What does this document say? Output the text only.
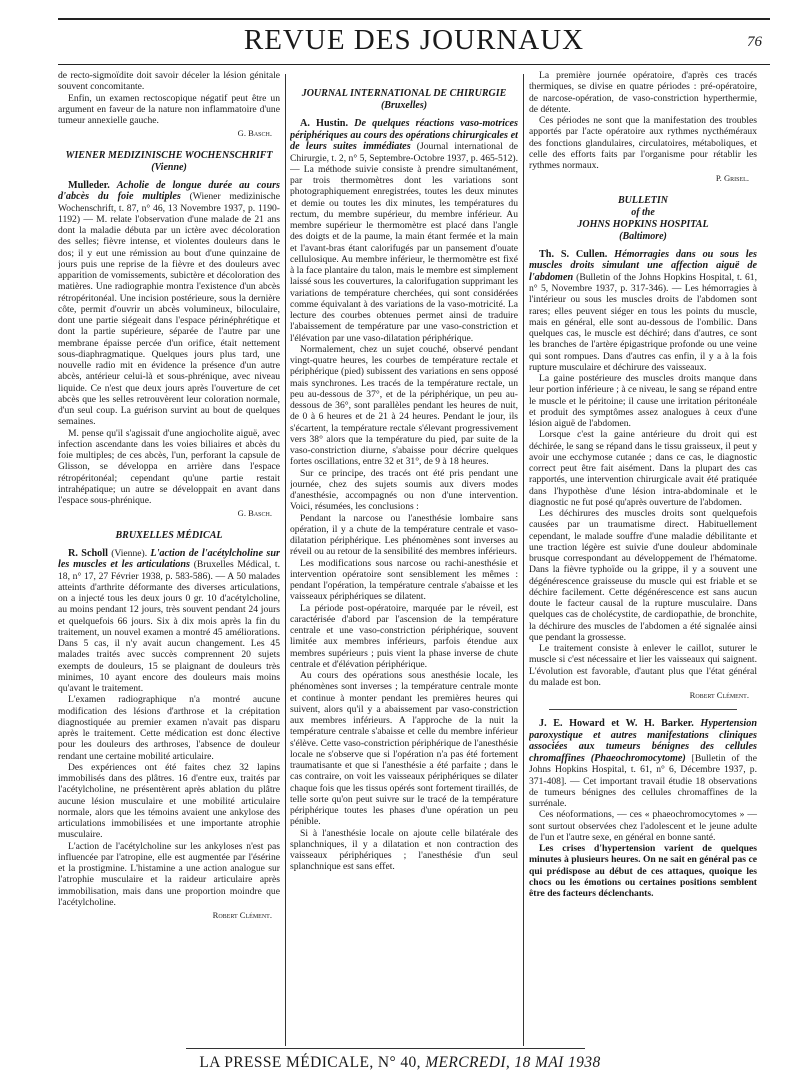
REVUE DES JOURNAUX	76

de recto-sigmoïdite doit savoir déceler la lésion génitale souvent concomitante.

Enfin, un examen rectoscopique négatif peut être un argument en faveur de la nature non inflammatoire d'une tumeur annexielle gauche.

G. Basch.
WIENER MEDIZINISCHE WOCHENSCHRIFT
(Vienne)

Mulleder. Acholie de longue durée au cours d'abcès du foie multiples (Wiener medizinische Wochenschrift, t. 87, n° 46, 13 Novembre 1937, p. 1190-1192) — M. relate l'observation d'une malade de 21 ans dont la maladie débuta par un ictère avec décoloration des selles; fièvre intense, et violentes douleurs dans le dos; il y eut une rémission au bout d'une quinzaine de jours puis une reprise de la fièvre et des douleurs avec apparition de vomissements, subictère et décoloration des matières. Une radiographie montra l'existence d'un abcès rétropéritonéal. Une incision postérieure, sous la dernière côte, permit d'ouvrir un abcès volumineux, biloculaire, dont une partie siégeait dans l'espace périnéphrétique et dont la partie supérieure, séparée de l'autre par une membrane épaisse percée d'un orifice, était nettement sous-diaphragmatique. Quelques jours plus tard, une nouvelle radio mit en évidence la présence d'un autre abcès, antérieur celui-là et sous-phrénique, avec niveau liquide. Ce n'est que deux jours après l'ouverture de cet abcès que les selles retrouvèrent leur coloration normale, d'un seul coup. La guérison survint au bout de quelques semaines.

M. pense qu'il s'agissait d'une angiocholite aiguë, avec infection ascendante dans les voies biliaires et abcès du foie multiples; de ces abcès, l'un, perforant la capsule de Glisson, se développa en arrière dans l'espace rétropéritonéal; cependant qu'une partie restait intrahépatique; un autre se développait en avant dans l'espace sous-phrénique.

G. Basch.
BRUXELLES MÉDICAL

R. Scholl (Vienne). L'action de l'acétylcholine sur les muscles et les articulations (Bruxelles Médical, t. 18, n° 17, 27 Février 1938, p. 583-586). — A 50 malades atteints d'arthrite déformante des diverses articulations, on a injecté tous les deux jours 0 gr. 10 d'acétylcholine, au moins pendant 12 jours, très souvent pendant 24 jours et quelquefois 66 jours. Six à dix mois après la fin du traitement, un nouvel examen a montré 45 améliorations. Dans 5 cas, il n'y avait aucun changement. Les 45 malades traités avec succès comprennent 20 sujets exempts de douleurs, 15 se plaignant de douleurs très minimes, 10 ayant encore des douleurs mais moins qu'avant le traitement.

L'examen radiographique n'a montré aucune modification des lésions d'arthrose et la crépitation diagnostiquée au premier examen n'avait pas disparu après le traitement. Cette médication est donc élective pour les douleurs des arthroses, l'absence de douleur rendant une certaine mobilité articulaire.

Des expériences ont été faites chez 32 lapins immobilisés dans des plâtres. 16 d'entre eux, traités par l'acétylcholine, ne présentèrent après ablation du plâtre aucune lésion musculaire et une mobilité articulaire normale, alors que les témoins avaient une ankylose des articulations immobilisées et une importante atrophie musculaire.

L'action de l'acétylcholine sur les ankyloses n'est pas influencée par l'atropine, elle est augmentée par l'ésérine et la prostigmine. L'histamine a une action analogue sur l'atrophie musculaire et la raideur articulaire après immobilisation, mais dans une proportion moindre que l'acétylcholine.

Robert Clément.
JOURNAL INTERNATIONAL DE CHIRURGIE
(Bruxelles)

A. Hustin. De quelques réactions vaso-motrices périphériques au cours des opérations chirurgicales et de leurs suites immédiates (Journal international de Chirurgie, t. 2, n° 5, Septembre-Octobre 1937, p. 465-512). — La méthode suivie consiste à prendre simultanément, par trois thermomètres dont les variations sont photographiquement enregistrées, toutes les deux minutes et demie ou toutes les dix minutes, les températures du rectum, du membre supérieur, du membre inférieur. Au membre supérieur le thermomètre est placé dans l'angle des doigts et de la paume, la main étant fermée et la main et l'avant-bras étant calorifugés par un pansement d'ouate cellulosique. Au membre inférieur, le thermomètre est fixé à la face plantaire du talon, mais le membre est simplement laissé sous les couvertures, la calorifugation supprimant les variations de température cherchées, qui sont considérées comme équivalant à des variations de la vaso-motricité. La lecture des courbes obtenues permet ainsi de traduire l'abaissement de température par une vaso-constriction et l'élévation par une vaso-dilatation périphérique.

Normalement, chez un sujet couché, observé pendant vingt-quatre heures, les courbes de température rectale et périphérique (pied) subissent des variations en sens opposé mais synchrones. Les tracés de la température rectale, un peu au-dessous de 37°, et de la périphérique, un peu au-dessous de 36°, sont parallèles pendant les heures de nuit, de 0 à 6 heures et de 21 à 24 heures. Pendant le jour, ils s'écartent, la température rectale s'élevant progressivement vers 38° alors que la température du pied, par suite de la vaso-constriction diurne, s'abaisse pour décrire quelques fortes oscillations, entre 32 et 31°, de 9 à 18 heures.

Sur ce principe, des tracés ont été pris pendant une journée, chez des sujets soumis aux divers modes d'anesthésie, accompagnés ou non d'une intervention. Voici, résumées, les conclusions :

Pendant la narcose ou l'anesthésie lombaire sans opération, il y a chute de la température centrale et vaso-dilatation périphérique. Les phénomènes sont inverses au réveil ou au retour de la sensibilité des membres inférieurs.

Les modifications sous narcose ou rachi-anesthésie et intervention opératoire sont sensiblement les mêmes : pendant l'opération, la température centrale s'abaisse et les vaisseaux périphériques se dilatent.

La période post-opératoire, marquée par le réveil, est caractérisée d'abord par l'ascension de la température centrale et une vaso-constriction périphérique, souvent limitée aux membres inférieurs, parfois étendue aux membres supérieurs ; puis vient la phase inverse de chute centrale et d'élévation périphérique.

Au cours des opérations sous anesthésie locale, les phénomènes sont inverses ; la température centrale monte et continue à monter pendant les premières heures qui suivent, alors qu'il y a abaissement par vaso-constriction aux membres inférieurs. A l'approche de la nuit la température centrale s'abaisse et celle du membre inférieur s'élève. Cette vaso-constriction périphérique de l'anesthésie locale ne s'observe que si l'opération n'a pas été fortement traumatisante et que si l'anesthésie a été parfaite ; dans le cas contraire, on voit les vaisseaux périphériques se dilater chaque fois que les tissus opérés sont fortement tiraillés, de telle sorte qu'on peut suivre sur le tracé de la température périphérique toutes les phases d'une opération un peu pénible.

Si à l'anesthésie locale on ajoute celle bilatérale des splanchniques, il y a dilatation et non contraction des vaisseaux périphériques ; l'anesthésie d'un seul splanchnique est sans effet.

La première journée opératoire, d'après ces tracés thermiques, se divise en quatre périodes : pré-opératoire, de narcose-opération, de vaso-constriction hyperthermie, de détente.

Ces périodes ne sont que la manifestation des troubles apportés par l'acte opératoire aux rythmes nycthéméraux des fonctions glandulaires, circulatoires, métaboliques, et celle des efforts faits par l'organisme pour rétablir les rythmes normaux.

P. Grisel.
BULLETIN
of the
JOHNS HOPKINS HOSPITAL
(Baltimore)

Th. S. Cullen. Hémorragies dans ou sous les muscles droits simulant une affection aiguë de l'abdomen (Bulletin of the Johns Hopkins Hospital, t. 61, n° 5, Novembre 1937, p. 317-346). — Les hémorragies à l'intérieur ou sous les muscles droits de l'abdomen sont rares; elles peuvent siéger en tous les points du muscle, mais en général, elle sont au-dessous de l'ombilic. Dans quelques cas, le muscle est déchiré; dans d'autres, ce sont les branches de l'artère épigastrique profonde ou une veine qui sont rompues. Dans d'autres cas enfin, il y a à la fois rupture musculaire et déchirure des vaisseaux.

La gaine postérieure des muscles droits manque dans leur portion inférieure ; à ce niveau, le sang se répand entre le muscle et le péritoine; il cause une irritation péritonéale et produit des symptômes assez analogues à ceux d'une lésion aiguë de l'abdomen.

Lorsque c'est la gaine antérieure du droit qui est déchirée, le sang se répand dans le tissu graisseux, il peut y avoir une ecchymose cutanée ; dans ce cas, le diagnostic correct peut être fait aisément. Dans la plupart des cas rapportés, une intervention chirurgicale avait été pratiquée dans l'hypothèse d'une lésion intra-abdominale et le diagnostic ne fut posé qu'après ouverture de l'abdomen.

Les déchirures des muscles droits sont quelquefois causées par un traumatisme direct. Habituellement cependant, le malade souffre d'une maladie débilitante et une traction légère est suivie d'une douleur abdominale brusque correspondant au développement de l'hématome. Dans la fièvre typhoïde ou la grippe, il y a souvent une dégénérescence graisseuse du muscle qui est friable et se déchire facilement. Cette dégénérescence est sans aucun doute le facteur causal de la rupture musculaire. Dans quelques cas de cholécystite, de cardiopathie, de bronchite, la déchirure des muscles de l'abdomen a été signalée ainsi que pendant la grossesse.

Le traitement consiste à enlever le caillot, suturer le muscle si c'est nécessaire et lier les vaisseaux qui saignent. L'évolution est favorable, d'autant plus que l'état général du malade est bon.

Robert Clément.

J. E. Howard et W. H. Barker. Hypertension paroxystique et autres manifestations cliniques associées aux tumeurs bénignes des cellules chromaffines (Phaeochromocytome) [Bulletin of the Johns Hopkins Hospital, t. 61, n° 6, Décembre 1937, p. 371-408]. — Cet important travail étudie 18 observations de tumeurs bénignes des cellules chromaffines de la surrénale.

Ces néoformations, — ces « phaeochromocytomes » — sont surtout observées chez l'adolescent et le jeune adulte de l'un et l'autre sexe, en général en bonne santé.

Les crises d'hypertension varient de quelques minutes à plusieurs heures. On ne sait en général pas ce qui prédispose au début de ces attaques, quoique les chocs ou les émotions ou certaines positions semblent être des facteurs déclenchants.

LA PRESSE MÉDICALE, N° 40, MERCREDI, 18 MAI 1938
